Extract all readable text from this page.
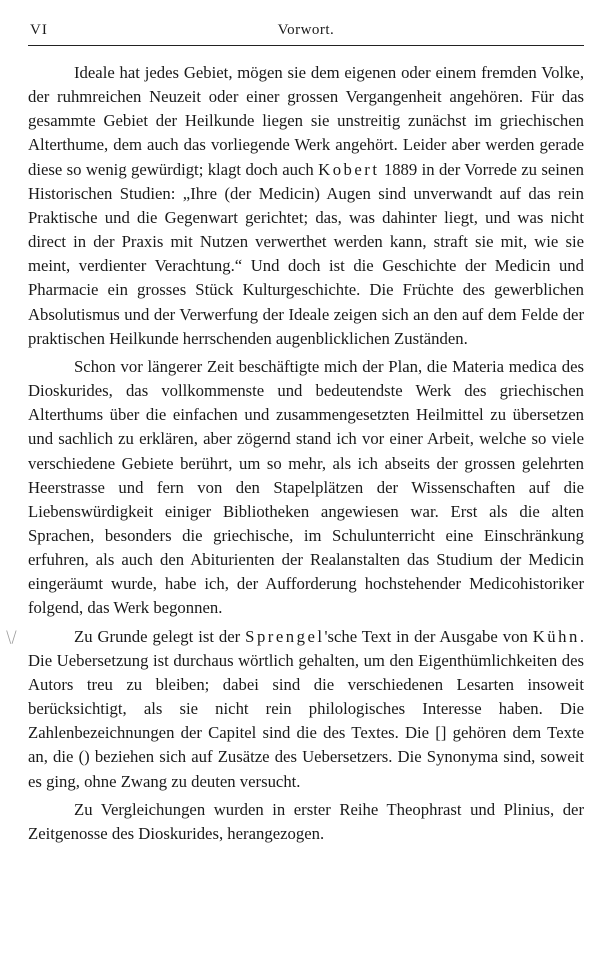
VI	Vorwort.

Ideale hat jedes Gebiet, mögen sie dem eigenen oder einem fremden Volke, der ruhmreichen Neuzeit oder einer grossen Vergangenheit angehören. Für das gesammte Gebiet der Heilkunde liegen sie unstreitig zunächst im griechischen Alterthume, dem auch das vorliegende Werk angehört. Leider aber werden gerade diese so wenig gewürdigt; klagt doch auch Kobert 1889 in der Vorrede zu seinen Historischen Studien: „Ihre (der Medicin) Augen sind unverwandt auf das rein Praktische und die Gegenwart gerichtet; das, was dahinter liegt, und was nicht direct in der Praxis mit Nutzen verwerthet werden kann, straft sie mit, wie sie meint, verdienter Verachtung.“ Und doch ist die Geschichte der Medicin und Pharmacie ein grosses Stück Kulturgeschichte. Die Früchte des gewerblichen Absolutismus und der Verwerfung der Ideale zeigen sich an den auf dem Felde der praktischen Heilkunde herrschenden augenblicklichen Zuständen.

Schon vor längerer Zeit beschäftigte mich der Plan, die Materia medica des Dioskurides, das vollkommenste und bedeutendste Werk des griechischen Alterthums über die einfachen und zusammengesetzten Heilmittel zu übersetzen und sachlich zu erklären, aber zögernd stand ich vor einer Arbeit, welche so viele verschiedene Gebiete berührt, um so mehr, als ich abseits der grossen gelehrten Heerstrasse und fern von den Stapelplätzen der Wissenschaften auf die Liebenswürdigkeit einiger Bibliotheken angewiesen war. Erst als die alten Sprachen, besonders die griechische, im Schulunterricht eine Einschränkung erfuhren, als auch den Abiturienten der Realanstalten das Studium der Medicin eingeräumt wurde, habe ich, der Aufforderung hochstehender Medicohistoriker folgend, das Werk begonnen.

\/	Zu Grunde gelegt ist der Sprengel'sche Text in der Ausgabe von Kühn. Die Uebersetzung ist durchaus wörtlich gehalten, um den Eigenthümlichkeiten des Autors treu zu bleiben; dabei sind die verschiedenen Lesarten insoweit berücksichtigt, als sie nicht rein philologisches Interesse haben. Die Zahlenbezeichnungen der Capitel sind die des Textes. Die [] gehören dem Texte an, die () beziehen sich auf Zusätze des Uebersetzers. Die Synonyma sind, soweit es ging, ohne Zwang zu deuten versucht.

Zu Vergleichungen wurden in erster Reihe Theophrast und Plinius, der Zeitgenosse des Dioskurides, herangezogen.
